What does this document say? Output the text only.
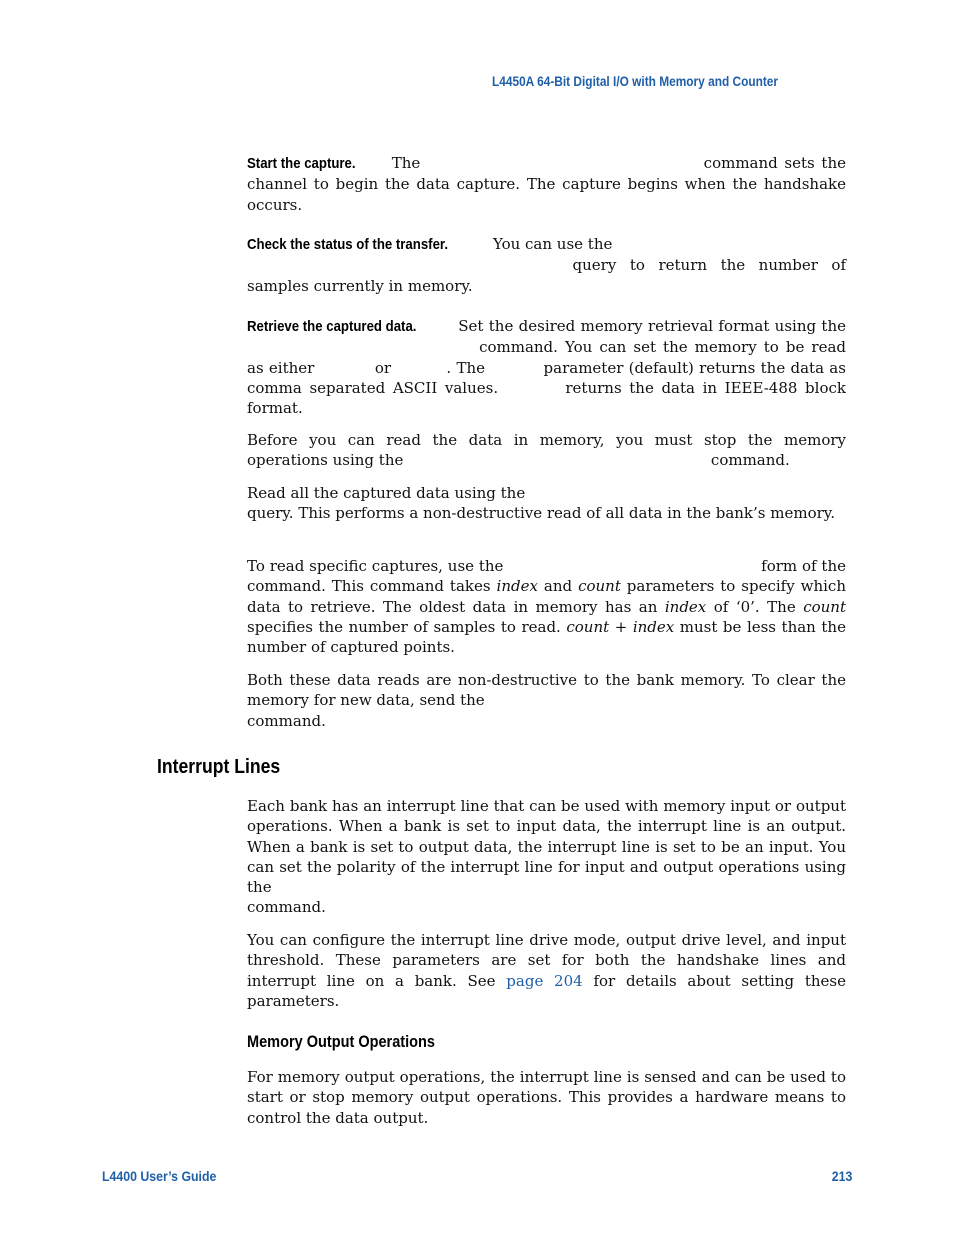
L4450A 64-Bit Digital I/O with Memory and Counter

Start the capture. The	command sets the channel to begin the data capture. The capture begins when the handshake occurs.

Check the status of the transfer.	You can use the
query to return the number of samples currently in memory.

Retrieve the captured data.	Set the desired memory retrieval format using the  command. You can set the memory to be read as either	or	. The	parameter (default) returns the data as comma separated ASCII values.	returns the data in IEEE-488 block format.

Before you can read the data in memory, you must stop the memory operations using the	command.

Read all the captured data using the
query. This performs a non-destructive read of all data in the bank’s memory.

To read specific captures, use the	form of the command. This command takes index and count parameters to specify which data to retrieve. The oldest data in memory has an index of ‘0’. The count specifies the number of samples to read. count + index must be less than the number of captured points.

Both these data reads are non-destructive to the bank memory. To clear the memory for new data, send the
command.

Interrupt Lines

Each bank has an interrupt line that can be used with memory input or output operations. When a bank is set to input data, the interrupt line is an output. When a bank is set to output data, the interrupt line is set to be an input. You can set the polarity of the interrupt line for input and output operations using the
command.

You can configure the interrupt line drive mode, output drive level, and input threshold. These parameters are set for both the handshake lines and interrupt line on a bank. See page 204 for details about setting these parameters.

Memory Output Operations

For memory output operations, the interrupt line is sensed and can be used to start or stop memory output operations. This provides a hardware means to control the data output.

L4400 User’s Guide	213
